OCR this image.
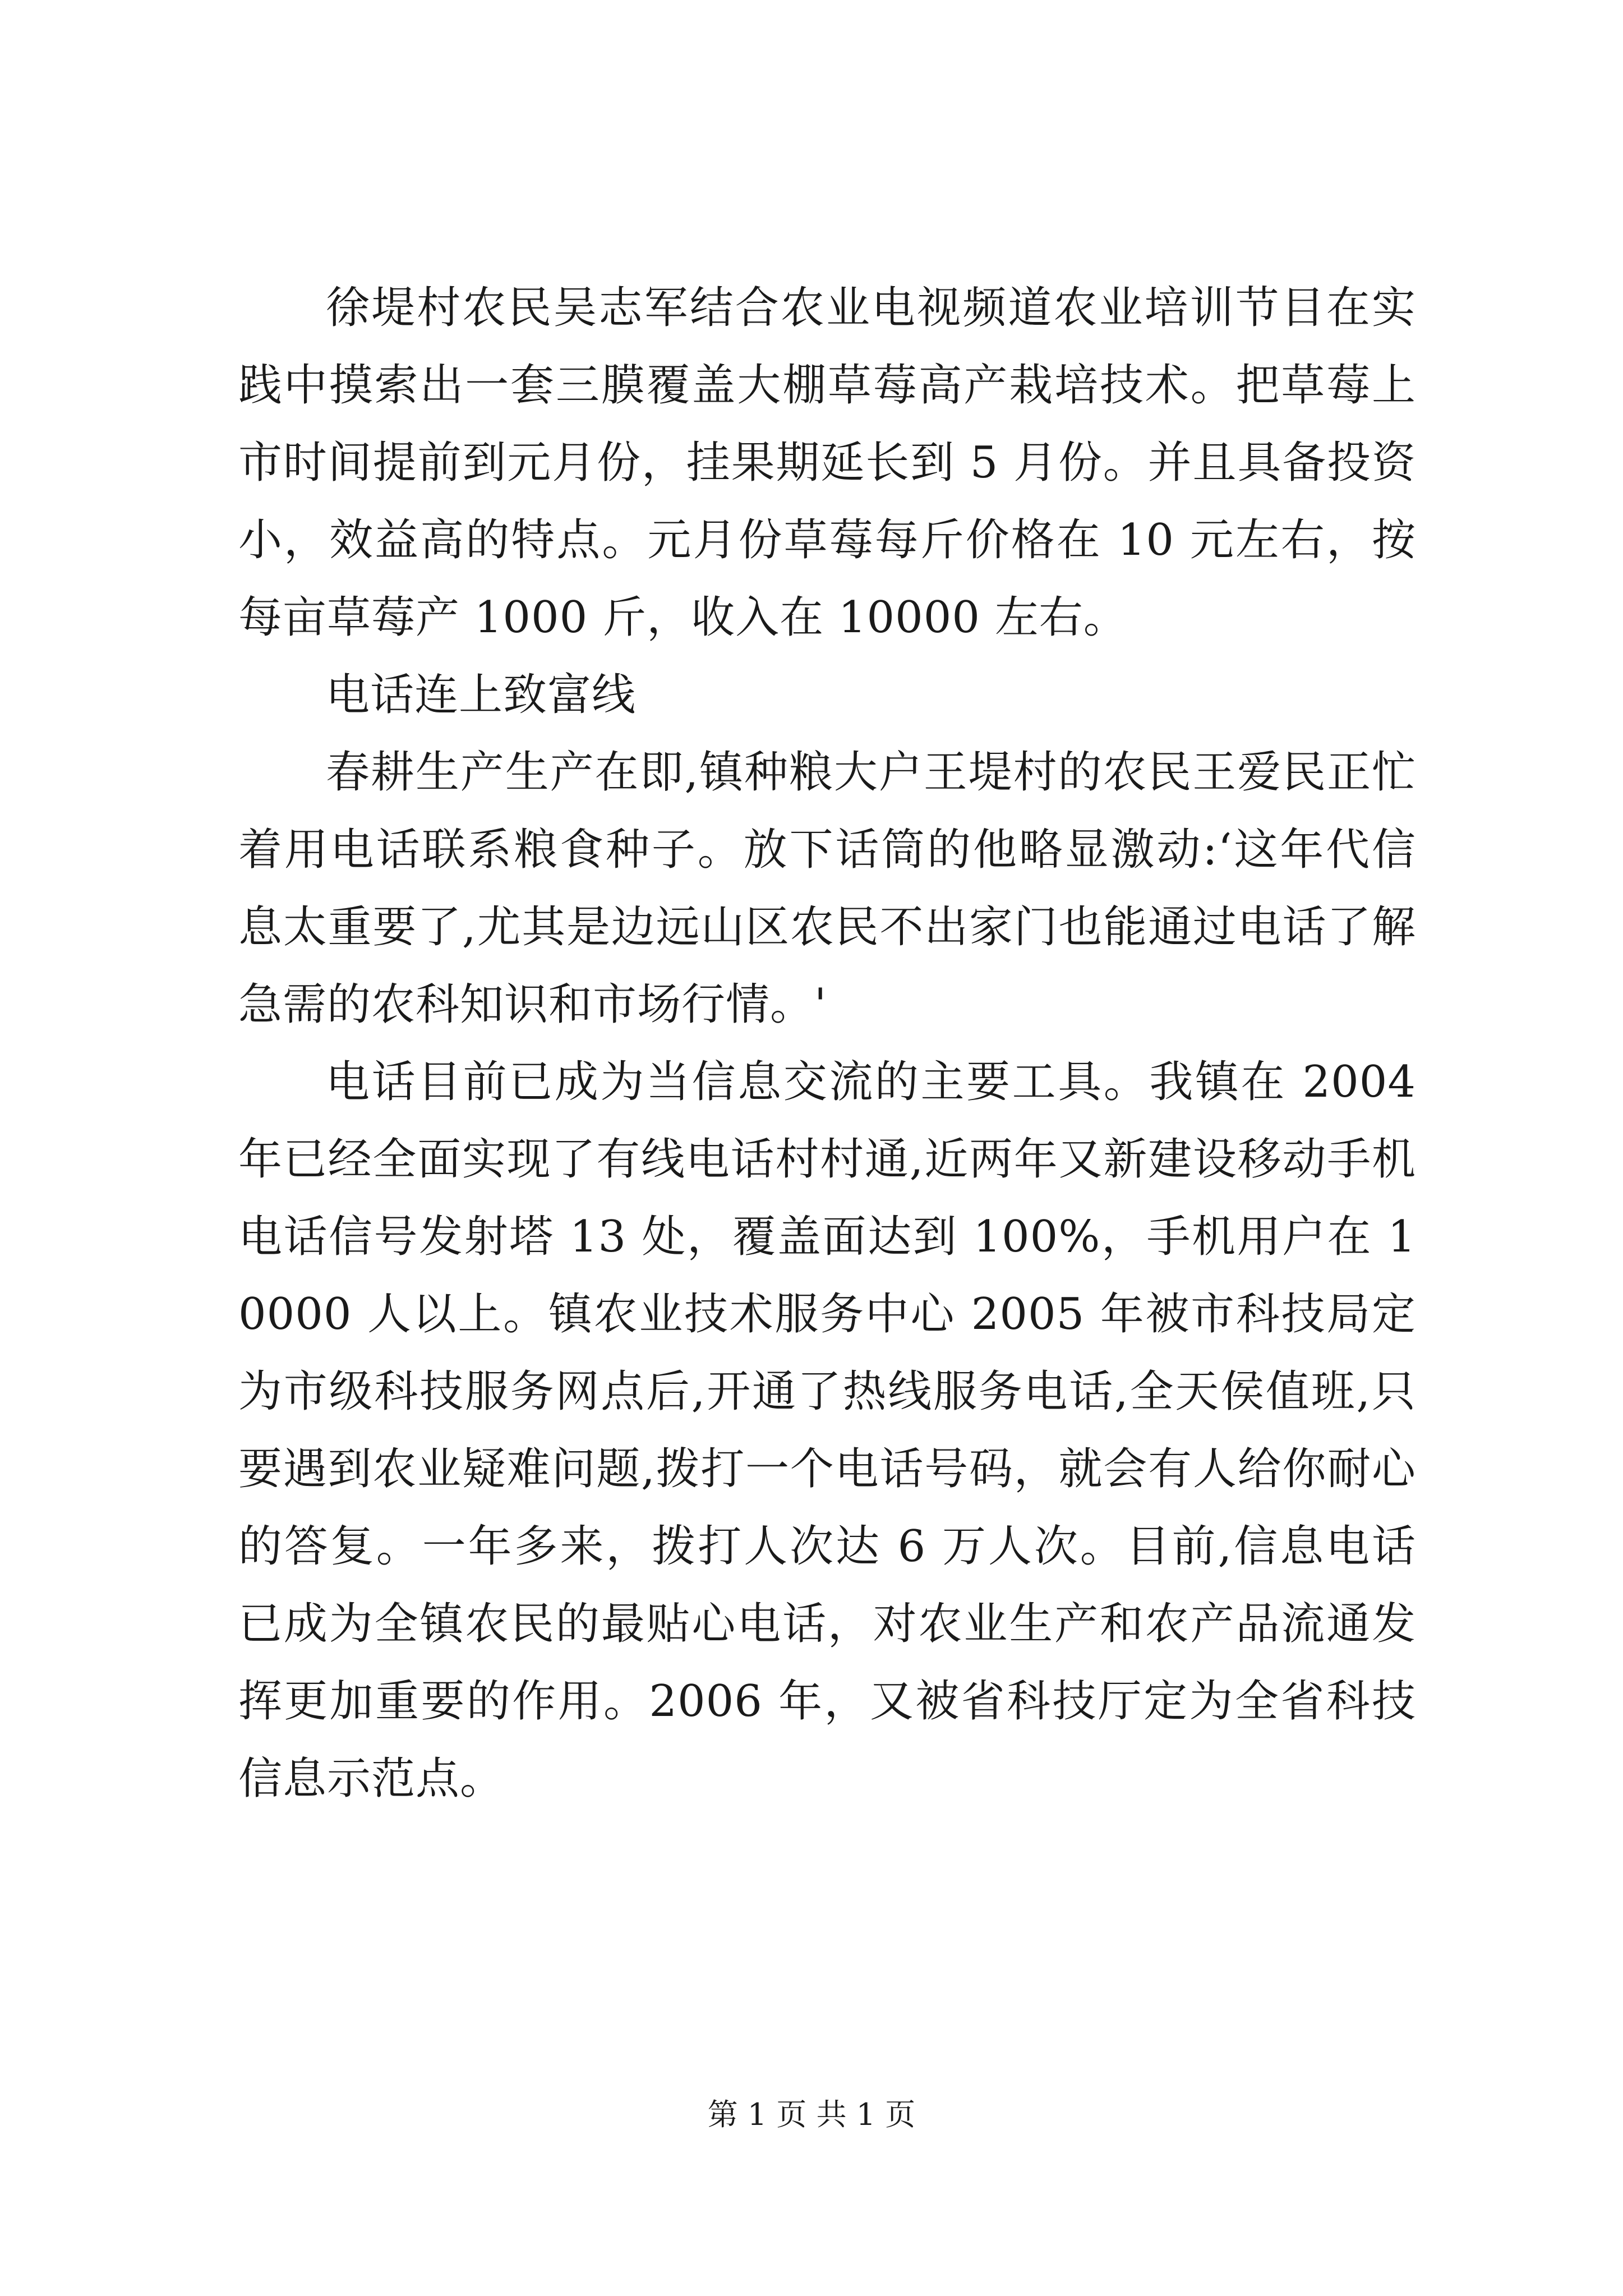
徐堤村农民吴志军结合农业电视频道农业培训节目在实践中摸索出一套三膜覆盖大棚草莓高产栽培技术。把草莓上市时间提前到元月份，挂果期延长到 5 月份。并且具备投资小，效益高的特点。元月份草莓每斤价格在 10 元左右，按每亩草莓产 1000 斤，收入在 10000 左右。

电话连上致富线

春耕生产生产在即,镇种粮大户王堤村的农民王爱民正忙着用电话联系粮食种子。放下话筒的他略显激动:‘这年代信息太重要了,尤其是边远山区农民不出家门也能通过电话了解急需的农科知识和市场行情。'

电话目前已成为当信息交流的主要工具。我镇在 2004 年已经全面实现了有线电话村村通,近两年又新建设移动手机电话信号发射塔 13 处，覆盖面达到 100%，手机用户在 10000 人以上。镇农业技术服务中心 2005 年被市科技局定为市级科技服务网点后,开通了热线服务电话,全天侯值班,只要遇到农业疑难问题,拨打一个电话号码，就会有人给你耐心的答复。一年多来，拨打人次达 6 万人次。目前,信息电话已成为全镇农民的最贴心电话，对农业生产和农产品流通发挥更加重要的作用。2006 年，又被省科技厅定为全省科技信息示范点。

第 1 页 共 1 页
